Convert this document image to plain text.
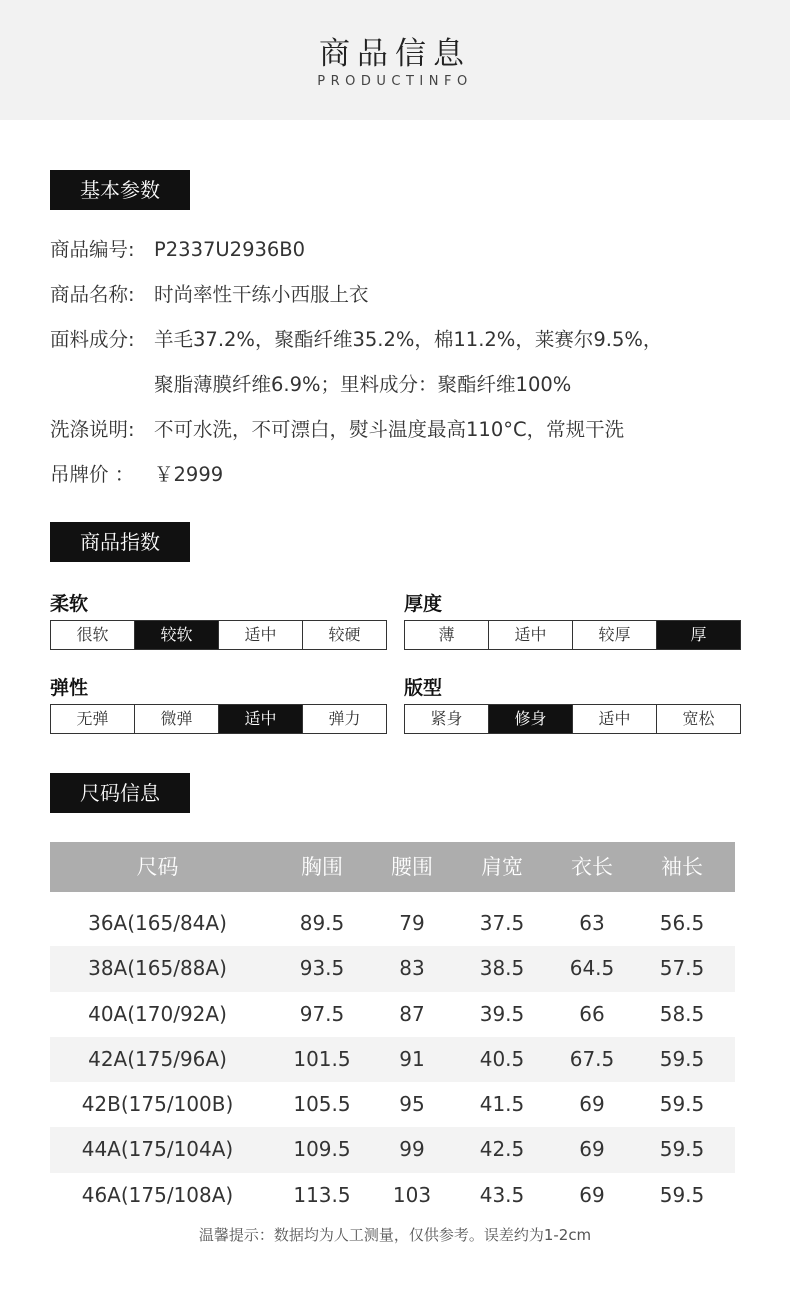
商品信息
PRODUCTINFO
基本参数
商品编号: P2337U2936B0
商品名称: 时尚率性干练小西服上衣
面料成分: 羊毛37.2%，聚酯纤维35.2%，棉11.2%，莱赛尔9.5%，
聚脂薄膜纤维6.9%；里料成分：聚酯纤维100%
洗涤说明: 不可水洗，不可漂白，熨斗温度最高110°C，常规干洗
吊牌价 ： ￥2999
商品指数
柔软
很软	较软	适中	较硬
厚度
薄	适中	较厚	厚
弹性
无弹	微弹	适中	弹力
版型
紧身	修身	适中	宽松
尺码信息
尺码	胸围	腰围	肩宽	衣长	袖长
36A(165/84A)	89.5	79	37.5	63	56.5
38A(165/88A)	93.5	83	38.5	64.5	57.5
40A(170/92A)	97.5	87	39.5	66	58.5
42A(175/96A)	101.5	91	40.5	67.5	59.5
42B(175/100B)	105.5	95	41.5	69	59.5
44A(175/104A)	109.5	99	42.5	69	59.5
46A(175/108A)	113.5	103	43.5	69	59.5
温馨提示：数据均为人工测量，仅供参考。误差约为1-2cm
